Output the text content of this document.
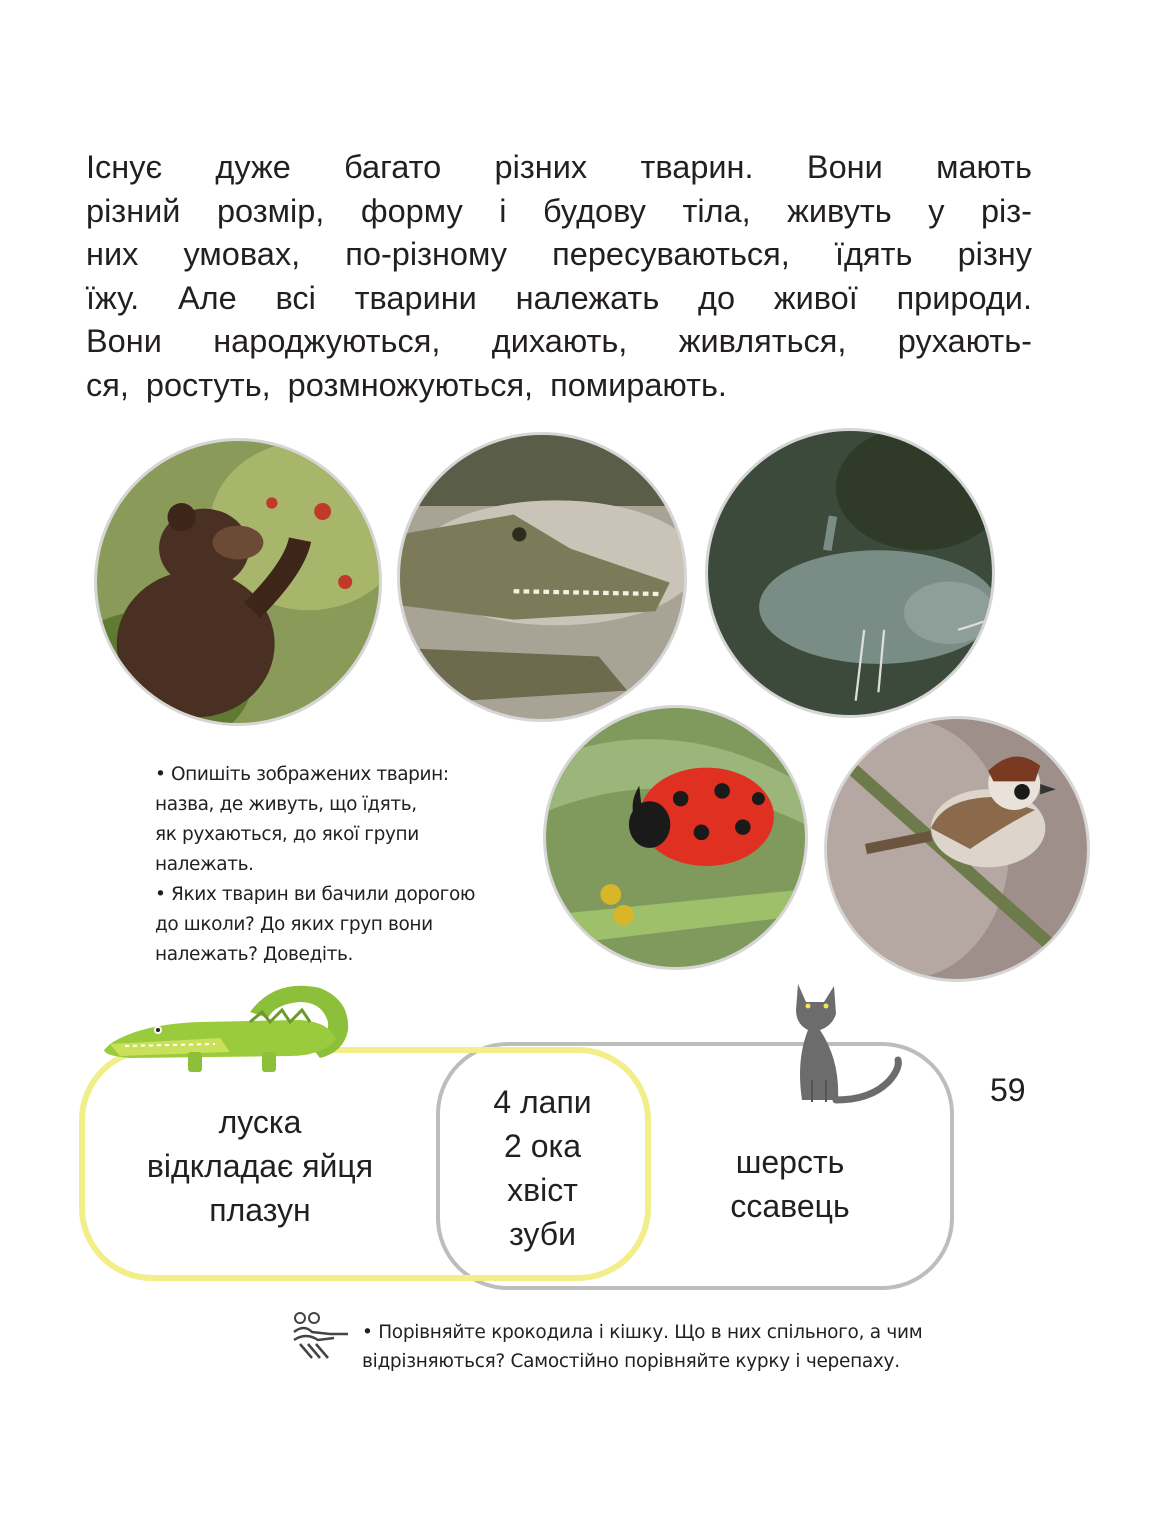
Існує дуже багато різних тварин. Вони мають
різний розмір, форму і будову тіла, живуть у різ-
них умовах, по-різному пересуваються, їдять різну
їжу. Але всі тварини належать до живої природи.
Вони народжуються, дихають, живляться, рухають-
ся, ростуть, розмножуються, помирають.
• Опишіть зображених тварин:
назва, де живуть, що їдять,
як рухаються, до якої групи
належать.
• Яких тварин ви бачили дорогою
до школи? До яких груп вони
належать? Доведіть.
луска
відкладає яйця
плазун
4 лапи
2 ока
хвіст
зуби
шерсть
ссавець
• Порівняйте крокодила і кішку. Що в них спільного, а чим
відрізняються? Самостійно порівняйте курку і черепаху.
59
